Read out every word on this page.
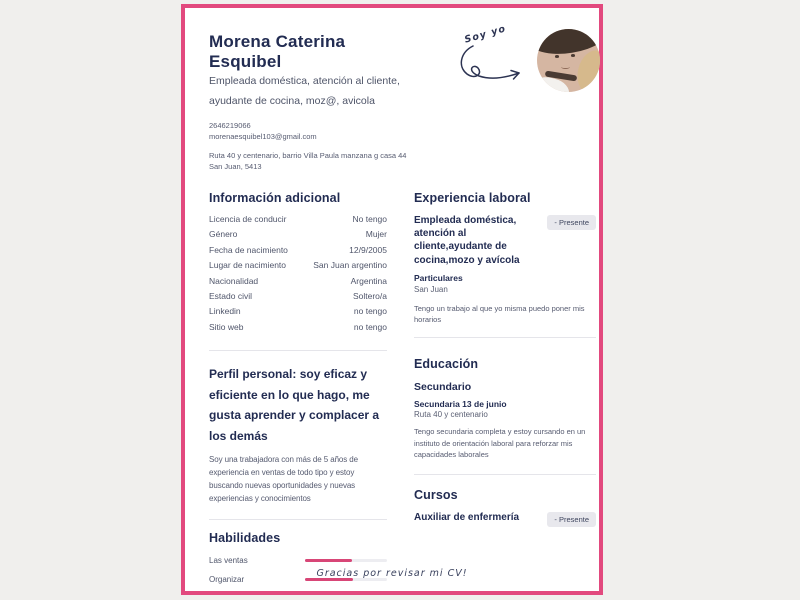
Morena Caterina Esquibel
Empleada doméstica, atención al cliente, ayudante de cocina, moz@, avicola
2646219066
morenaesquibel103@gmail.com
Ruta 40 y centenario, barrio Villa Paula manzana g casa 44
San Juan, 5413
Soy yo
Información adicional
Licencia de conducir	No tengo
Género	Mujer
Fecha de nacimiento	12/9/2005
Lugar de nacimiento	San Juan argentino
Nacionalidad	Argentina
Estado civil	Soltero/a
Linkedin	no tengo
Sitio web	no tengo
Perfil personal: soy eficaz y eficiente en lo que hago, me gusta aprender y complacer a los demás
Soy una trabajadora con más de 5 años de experiencia en ventas de todo tipo y estoy buscando nuevas oportunidades y nuevas experiencias y conocimientos
Habilidades
Las ventas
Organizar
Experiencia laboral
Empleada doméstica, atención al cliente,ayudante de cocina,mozo y avícola
- Presente
Particulares
San Juan
Tengo un trabajo al que yo misma puedo poner mis horarios
Educación
Secundario
Secundaria 13 de junio
Ruta 40 y centenario
Tengo secundaria completa y estoy cursando en un instituto de orientación laboral para reforzar mis capacidades laborales
Cursos
Auxiliar de enfermería	- Presente
Gracias por revisar mi CV!
